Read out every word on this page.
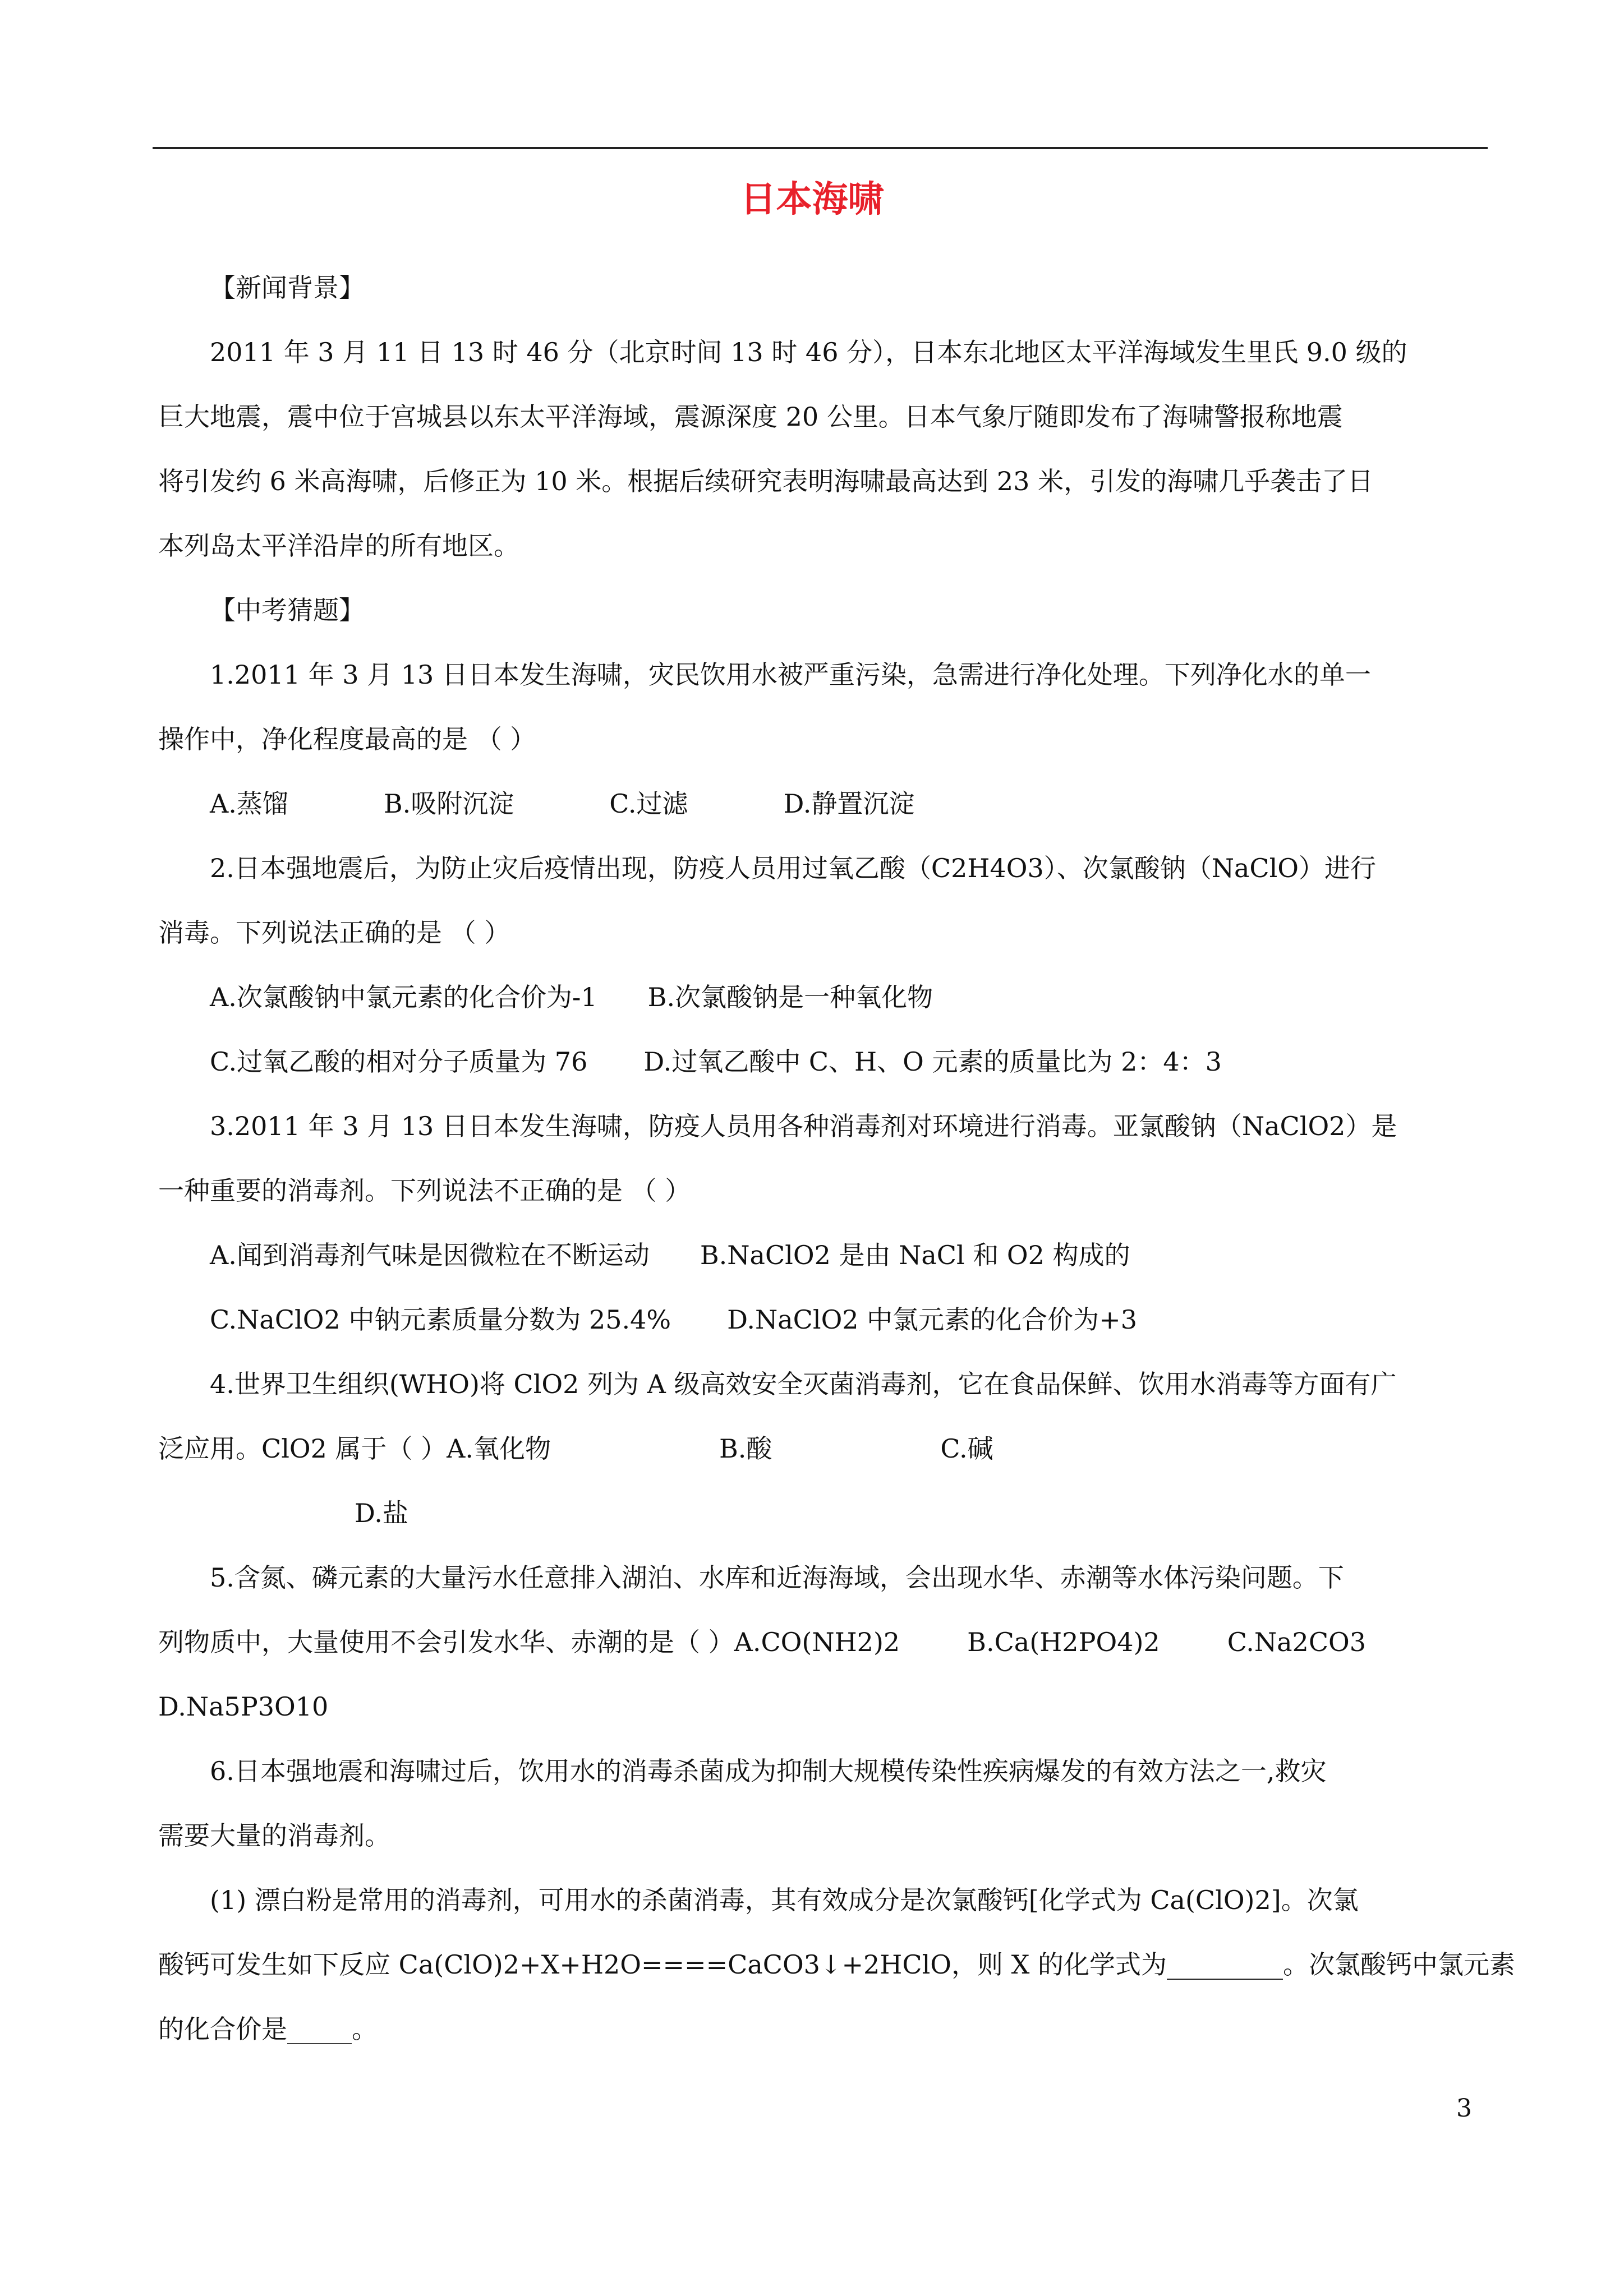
日本海啸

【新闻背景】

2011 年 3 月 11 日 13 时 46 分（北京时间 13 时 46 分），日本东北地区太平洋海域发生里氏 9.0 级的

巨大地震，震中位于宫城县以东太平洋海域，震源深度 20 公里。日本气象厅随即发布了海啸警报称地震

将引发约 6 米高海啸，后修正为 10 米。根据后续研究表明海啸最高达到 23 米，引发的海啸几乎袭击了日

本列岛太平洋沿岸的所有地区。

【中考猜题】

1.2011 年 3 月 13 日日本发生海啸，灾民饮用水被严重污染，急需进行净化处理。下列净化水的单一

操作中，净化程度最高的是 （ ）

A.蒸馏	B.吸附沉淀	C.过滤	D.静置沉淀

2.日本强地震后，为防止灾后疫情出现，防疫人员用过氧乙酸（C2H4O3）、次氯酸钠（NaClO）进行

消毒。下列说法正确的是 （ ）

A.次氯酸钠中氯元素的化合价为-1 B.次氯酸钠是一种氧化物

C.过氧乙酸的相对分子质量为 76 D.过氧乙酸中 C、H、O 元素的质量比为 2：4：3

3.2011 年 3 月 13 日日本发生海啸，防疫人员用各种消毒剂对环境进行消毒。亚氯酸钠（NaClO2）是

一种重要的消毒剂。下列说法不正确的是 （ ）

A.闻到消毒剂气味是因微粒在不断运动 B.NaClO2 是由 NaCl 和 O2 构成的

C.NaClO2 中钠元素质量分数为 25.4% D.NaClO2 中氯元素的化合价为+3

4.世界卫生组织(WHO)将 ClO2 列为 A 级高效安全灭菌消毒剂，它在食品保鲜、饮用水消毒等方面有广

泛应用。ClO2 属于（ ）A.氧化物	B.酸	C.碱

D.盐

5.含氮、磷元素的大量污水任意排入湖泊、水库和近海海域，会出现水华、赤潮等水体污染问题。下

列物质中，大量使用不会引发水华、赤潮的是（ ）A.CO(NH2)2	B.Ca(H2PO4)2	C.Na2CO3

D.Na5P3O10

6.日本强地震和海啸过后，饮用水的消毒杀菌成为抑制大规模传染性疾病爆发的有效方法之一,救灾

需要大量的消毒剂。

(1) 漂白粉是常用的消毒剂，可用水的杀菌消毒，其有效成分是次氯酸钙[化学式为 Ca(ClO)2]。次氯

酸钙可发生如下反应 Ca(ClO)2+X+H2O====CaCO3↓+2HClO，则 X 的化学式为_________。次氯酸钙中氯元素

的化合价是_____。

3
